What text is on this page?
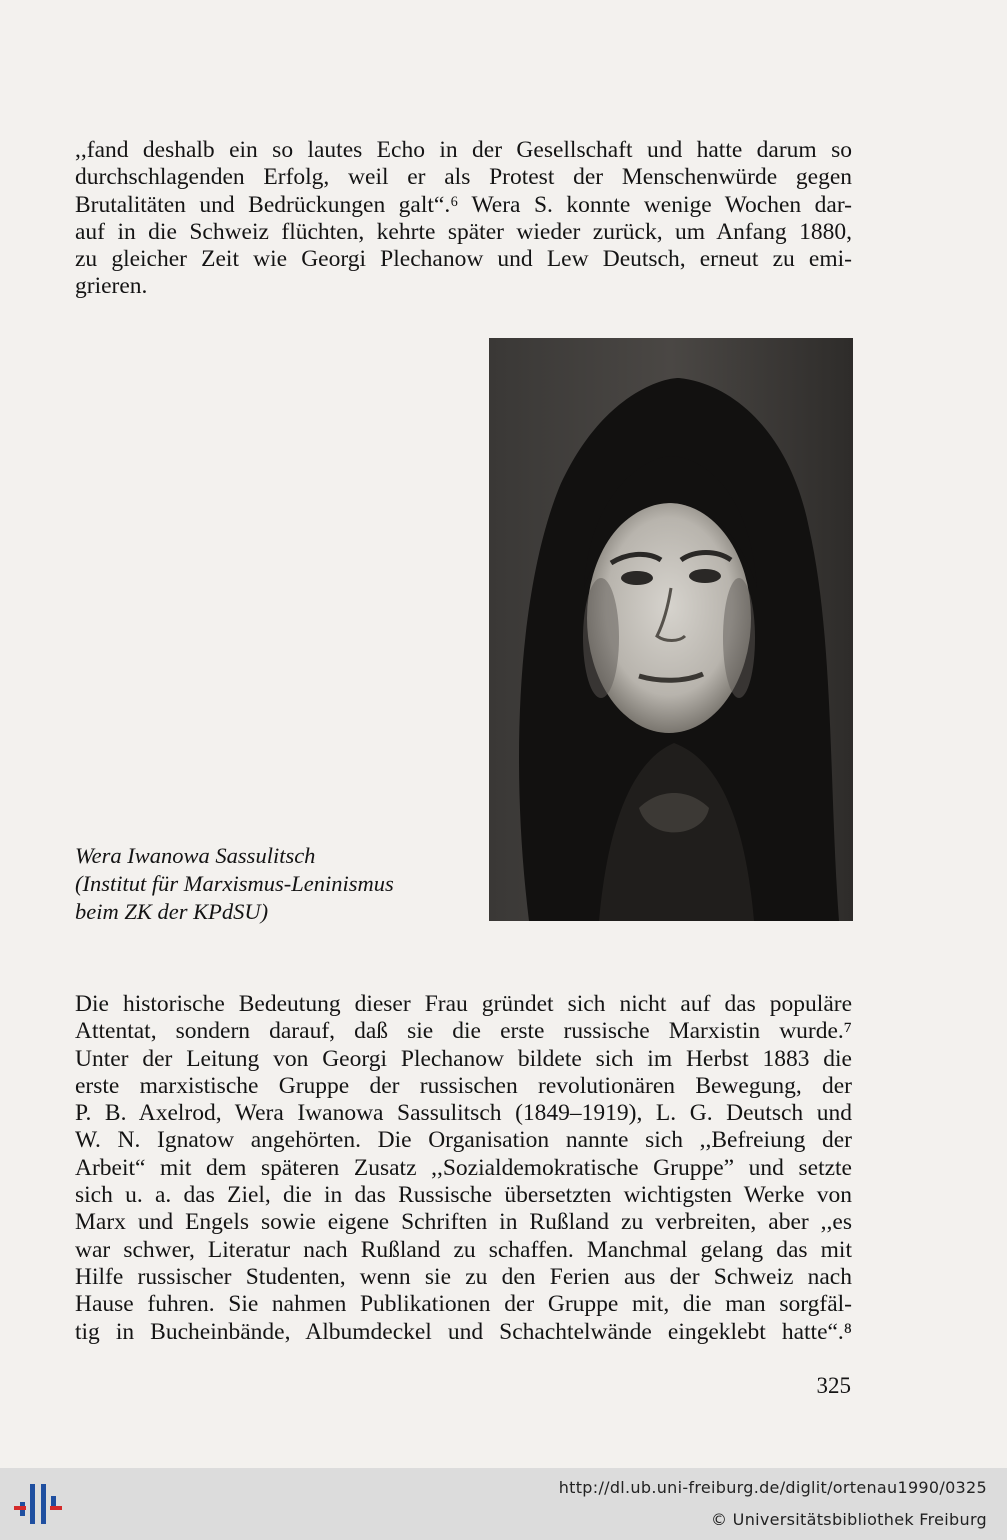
,,fand deshalb ein so lautes Echo in der Gesellschaft und hatte darum so
durchschlagenden Erfolg, weil er als Protest der Menschenwürde gegen
Brutalitäten und Bedrückungen galt“.⁶ Wera S. konnte wenige Wochen dar-
auf in die Schweiz flüchten, kehrte später wieder zurück, um Anfang 1880,
zu gleicher Zeit wie Georgi Plechanow und Lew Deutsch, erneut zu emi-
grieren.
Wera Iwanowa Sassulitsch
(Institut für Marxismus-Leninismus
beim ZK der KPdSU)
Die historische Bedeutung dieser Frau gründet sich nicht auf das populäre
Attentat, sondern darauf, daß sie die erste russische Marxistin wurde.⁷
Unter der Leitung von Georgi Plechanow bildete sich im Herbst 1883 die
erste marxistische Gruppe der russischen revolutionären Bewegung, der
P. B. Axelrod, Wera Iwanowa Sassulitsch (1849–1919), L. G. Deutsch und
W. N. Ignatow angehörten. Die Organisation nannte sich ,,Befreiung der
Arbeit“ mit dem späteren Zusatz ,,Sozialdemokratische Gruppe” und setzte
sich u. a. das Ziel, die in das Russische übersetzten wichtigsten Werke von
Marx und Engels sowie eigene Schriften in Rußland zu verbreiten, aber ,,es
war schwer, Literatur nach Rußland zu schaffen. Manchmal gelang das mit
Hilfe russischer Studenten, wenn sie zu den Ferien aus der Schweiz nach
Hause fuhren. Sie nahmen Publikationen der Gruppe mit, die man sorgfäl-
tig in Bucheinbände, Albumdeckel und Schachtelwände eingeklebt hatte“.⁸
325
http://dl.ub.uni-freiburg.de/diglit/ortenau1990/0325
© Universitätsbibliothek Freiburg
